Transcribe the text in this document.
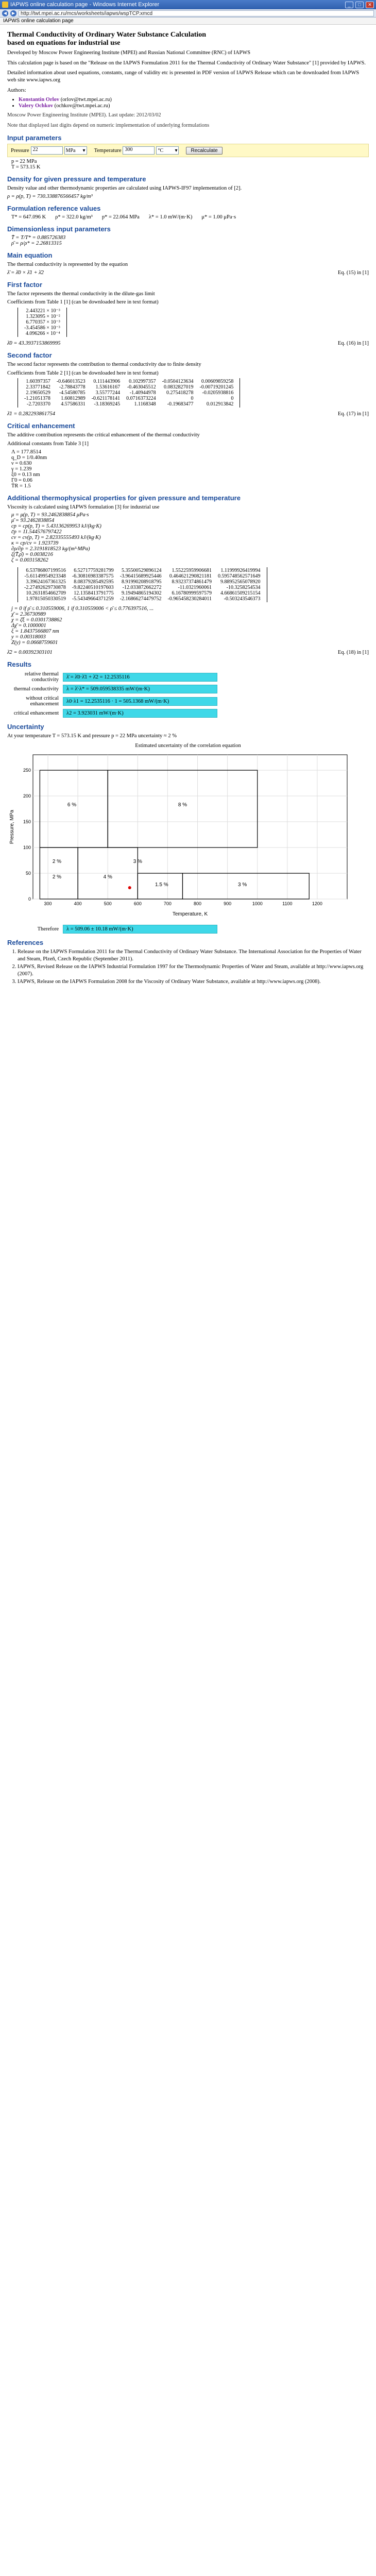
IAPWS online calculation page - Windows Internet Explorer	_	□	✕
◀	▶	http://twt.mpei.ac.ru/mcs/worksheets/iapws/wspTCP.xmcd
IAPWS online calculation page
Thermal Conductivity of Ordinary Water Substance Calculation
based on equations for industrial use

Developed by Moscow Power Engineering Institute (MPEI) and Russian National Committee (RNC) of IAPWS

This calculation page is based on the "Release on the IAPWS Formulation 2011 for the Thermal Conductivity of Ordinary Water Substance" [1] provided by IAPWS.

Detailed information about used equations, constants, range of validity etc is presented in PDF version of IAPWS Release which can be downloaded from IAPWS web site www.iapws.org

Authors:

• Konstantin Orlov (orlov@twt.mpei.ac.ru)
• Valery Ochkov (ochkov@twt.mpei.ac.ru)

Moscow Power Engineering Institute (MPEI). Last update: 2012/03/02

Note that displayed last digits depend on numeric implementation of underlying formulations

Input parameters
Pressure 22	MPa ▾ Temperature 300	°C ▾	Recalculate
p = 22 MPa
T = 573.15 K
Density for given pressure and temperature

Density value and other thermodynamic properties are calculated using IAPWS-IF97 implementation of [2].

ρ = ρ(p, T) = 730.338876566457 kg/m³
Formulation reference values
T* = 647.096 K ρ* = 322.0 kg/m³ p* = 22.064 MPa λ* = 1.0 mW/(m·K) μ* = 1.00 μPa·s
Dimensionless input parameters
T̄ = T/T* = 0.885726383
ρ̄ = ρ/ρ* = 2.26813315
Main equation

The thermal conductivity is represented by the equation

λ̄ = λ̄0 × λ̄1 + λ̄2	Eq. (15) in [1]
First factor

The factor represents the thermal conductivity in the dilute-gas limit

Coefficients from Table 1 [1] (can be downloaded here in text format)

2.443221 × 10⁻³
1.323095 × 10⁻²
6.770357 × 10⁻³
-3.454586 × 10⁻³
4.096266 × 10⁻⁴
λ̄0 = 43.3937153869995	Eq. (16) in [1]
Second factor

The second factor represents the contribution to thermal conductivity due to finite density

Coefficients from Table 2 [1] (can be downloaded here in text format)

1.60397357	-0.646013523	0.111443906	0.102997357	-0.0504123634	0.00609859258
2.33771842	-2.78843778	1.53616167	-0.463045512	0.0832827019	-0.00719201245
2.19650529	-4.54580785	3.55777244	-1.40944978	0.275418278	-0.0205938816
-1.21051378	1.60812989	-0.621178141	0.0716373224	0	0
-2.7203370	4.57586331	-3.18369245	1.1168348	-0.19683477	0.012913842
λ̄1 = 0.282293861754	Eq. (17) in [1]
Critical enhancement

The additive contribution represents the critical enhancement of the thermal conductivity

Additional constants from Table 3 [1]

Λ = 177.8514
q_D = 1/0.40nm
ν = 0.630
γ = 1.239
ξ0 = 0.13 nm
Γ0 = 0.06
T̄R = 1.5
Additional thermophysical properties for given pressure and temperature

Viscosity is calculated using IAPWS formulation [3] for industrial use

μ = μ(p, T) = 93.2462838854 μPa·s
μ̄ = 93.2462838854
cp = cp(p, T) = 5.43136269953 kJ/(kg·K)
c̄p = 11.544576797422
cv = cv(p, T) = 2.82335555493 kJ/(kg·K)
κ = cp/cv = 1.923739
∂ρ/∂p = 2.3191818523 kg/(m³·MPa)
ζ(T̄,ρ̄) = 0.0038216
ζ = 0.003158262
6.53786807199516	6.52717759281799	5.35500529896124	1.55225959906681	1.11999926419994
-5.61149954923348	-6.30816983387575	-3.96415689925446	0.464621290821181	0.595748562571649
3.39624167361325	8.08379285492595	8.91990208918795	8.93237374861479	9.88952565078920
-2.27492629730878	-9.82240510197603	-12.033872662272	-11.0321960061	-10.3258254534
10.2631854662709	12.1358413791775	9.19494865194302	6.16780999597579	4.66861509215154
1.97815050330519	-5.54349664371259	-2.16866274479752	-0.965458230284011	-0.503243546373
j = 0 if ρ̄ ≤ 0.310559006, 1 if 0.310559006 < ρ̄ ≤ 0.776397516, ...
χ̄ = 2.36730989
χ = ζ̄ξ = 0.0301738862
Δχ̄ = 0.1000001
ξ = 1.8437566807 nm
y = 0.00318003
Z(y) = 0.0668759601
λ̄2 = 0.00392303101	Eq. (18) in [1]
Results
relative thermal conductivity	λ̄ = λ̄0·λ̄1 + λ̄2 = 12.2535116
thermal conductivity	λ = λ̄·λ* = 509.059538335 mW/(m·K)
without critical enhancement	λ0·λ1 = 12.2535116 · 1 = 505.1368 mW/(m·K)
critical enhancement	λ2 = 3.923031 mW/(m·K)
Uncertainty

At your temperature T = 573.15 K and pressure p = 22 MPa uncertainty ≈ 2 %

Estimated uncertainty of the correlation equation
0
50
100
150
200
250
300	400	500	600	700	800	900	1000	1100	1200
2 %	4 %
6 %
1.5 %	3 %
8 %
2 %	3 %
Temperature, K
Pressure, MPa
Therefore	λ = 509.06 ± 10.18 mW/(m·K)
References
1. Release on the IAPWS Formulation 2011 for the Thermal Conductivity of Ordinary Water Substance. The International Association for the Properties of Water and Steam, Plzeň, Czech Republic (September 2011).
2. IAPWS, Revised Release on the IAPWS Industrial Formulation 1997 for the Thermodynamic Properties of Water and Steam, available at http://www.iapws.org (2007).
3. IAPWS, Release on the IAPWS Formulation 2008 for the Viscosity of Ordinary Water Substance, available at http://www.iapws.org (2008).
